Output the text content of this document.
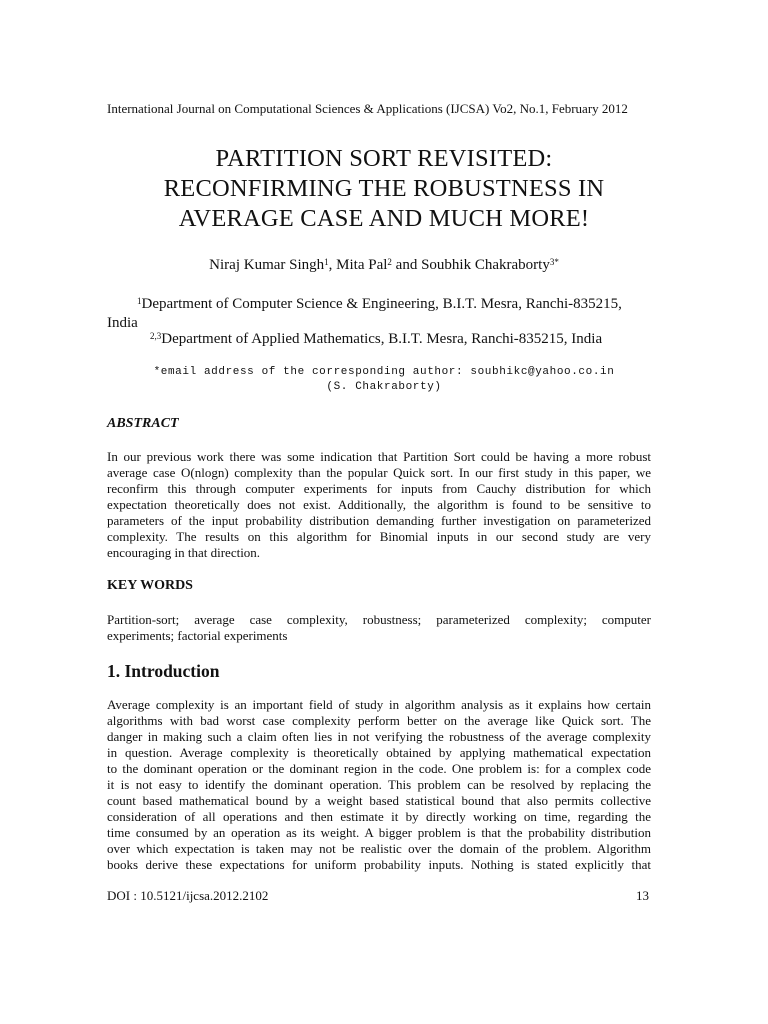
International Journal on Computational Sciences & Applications (IJCSA) Vo2, No.1, February 2012
PARTITION SORT REVISITED:
RECONFIRMING THE ROBUSTNESS IN
AVERAGE CASE AND MUCH MORE!
Niraj Kumar Singh$^1$, Mita Pal$^2$ and Soubhik Chakraborty$^{3*}$
$^1$Department of Computer Science & Engineering, B.I.T. Mesra, Ranchi-835215,
India
$^{2,3}$Department of Applied Mathematics, B.I.T. Mesra, Ranchi-835215, India
*email address of the corresponding author: soubhikc@yahoo.co.in
(S. Chakraborty)
ABSTRACT
In our previous work there was some indication that Partition Sort could be having a more robust
average case O(nlogn) complexity than the popular Quick sort. In our first study in this paper, we
reconfirm this through computer experiments for inputs from Cauchy distribution for which
expectation theoretically does not exist. Additionally, the algorithm is found to be sensitive to
parameters of the input probability distribution demanding further investigation on parameterized
complexity. The results on this algorithm for Binomial inputs in our second study are very
encouraging in that direction.
KEY WORDS
Partition-sort; average case complexity, robustness; parameterized complexity; computer
experiments; factorial experiments
1. Introduction
Average complexity is an important field of study in algorithm analysis as it explains how certain
algorithms with bad worst case complexity perform better on the average like Quick sort. The
danger in making such a claim often lies in not verifying the robustness of the average complexity
in question. Average complexity is theoretically obtained by applying mathematical expectation
to the dominant operation or the dominant region in the code. One problem is: for a complex code
it is not easy to identify the dominant operation. This problem can be resolved by replacing the
count based mathematical bound by a weight based statistical bound that also permits collective
consideration of all operations and then estimate it by directly working on time, regarding the
time consumed by an operation as its weight. A bigger problem is that the probability distribution
over which expectation is taken may not be realistic over the domain of the problem. Algorithm
books derive these expectations for uniform probability inputs. Nothing is stated explicitly that
DOI : 10.5121/ijcsa.2012.2102	13
